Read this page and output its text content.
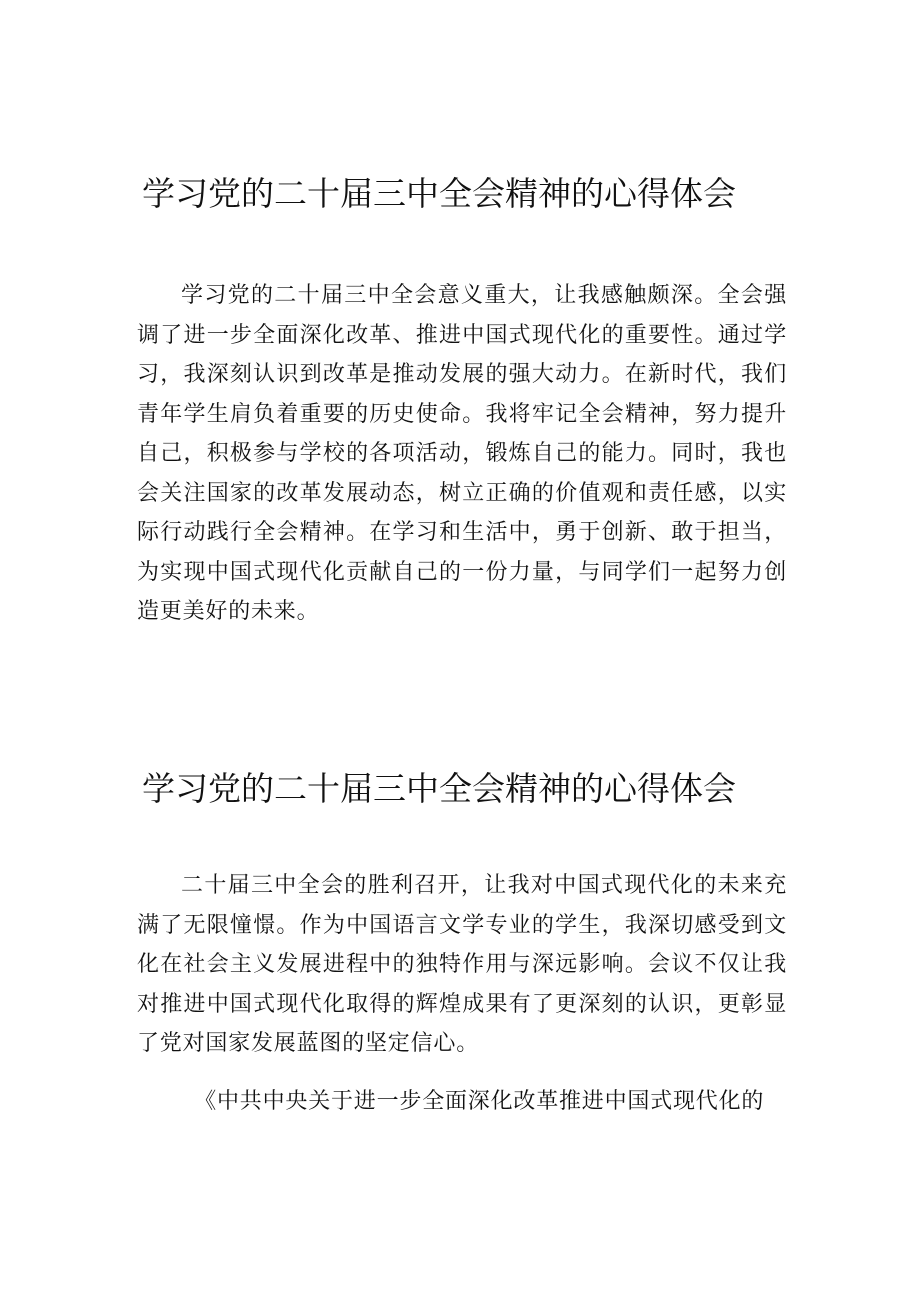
学习党的二十届三中全会精神的心得体会

学习党的二十届三中全会意义重大，让我感触颇深。全会强调了进一步全面深化改革、推进中国式现代化的重要性。通过学习，我深刻认识到改革是推动发展的强大动力。在新时代，我们青年学生肩负着重要的历史使命。我将牢记全会精神，努力提升自己，积极参与学校的各项活动，锻炼自己的能力。同时，我也会关注国家的改革发展动态，树立正确的价值观和责任感，以实际行动践行全会精神。在学习和生活中，勇于创新、敢于担当，为实现中国式现代化贡献自己的一份力量，与同学们一起努力创造更美好的未来。

学习党的二十届三中全会精神的心得体会

二十届三中全会的胜利召开，让我对中国式现代化的未来充满了无限憧憬。作为中国语言文学专业的学生，我深切感受到文化在社会主义发展进程中的独特作用与深远影响。会议不仅让我对推进中国式现代化取得的辉煌成果有了更深刻的认识，更彰显了党对国家发展蓝图的坚定信心。

《中共中央关于进一步全面深化改革推进中国式现代化的
